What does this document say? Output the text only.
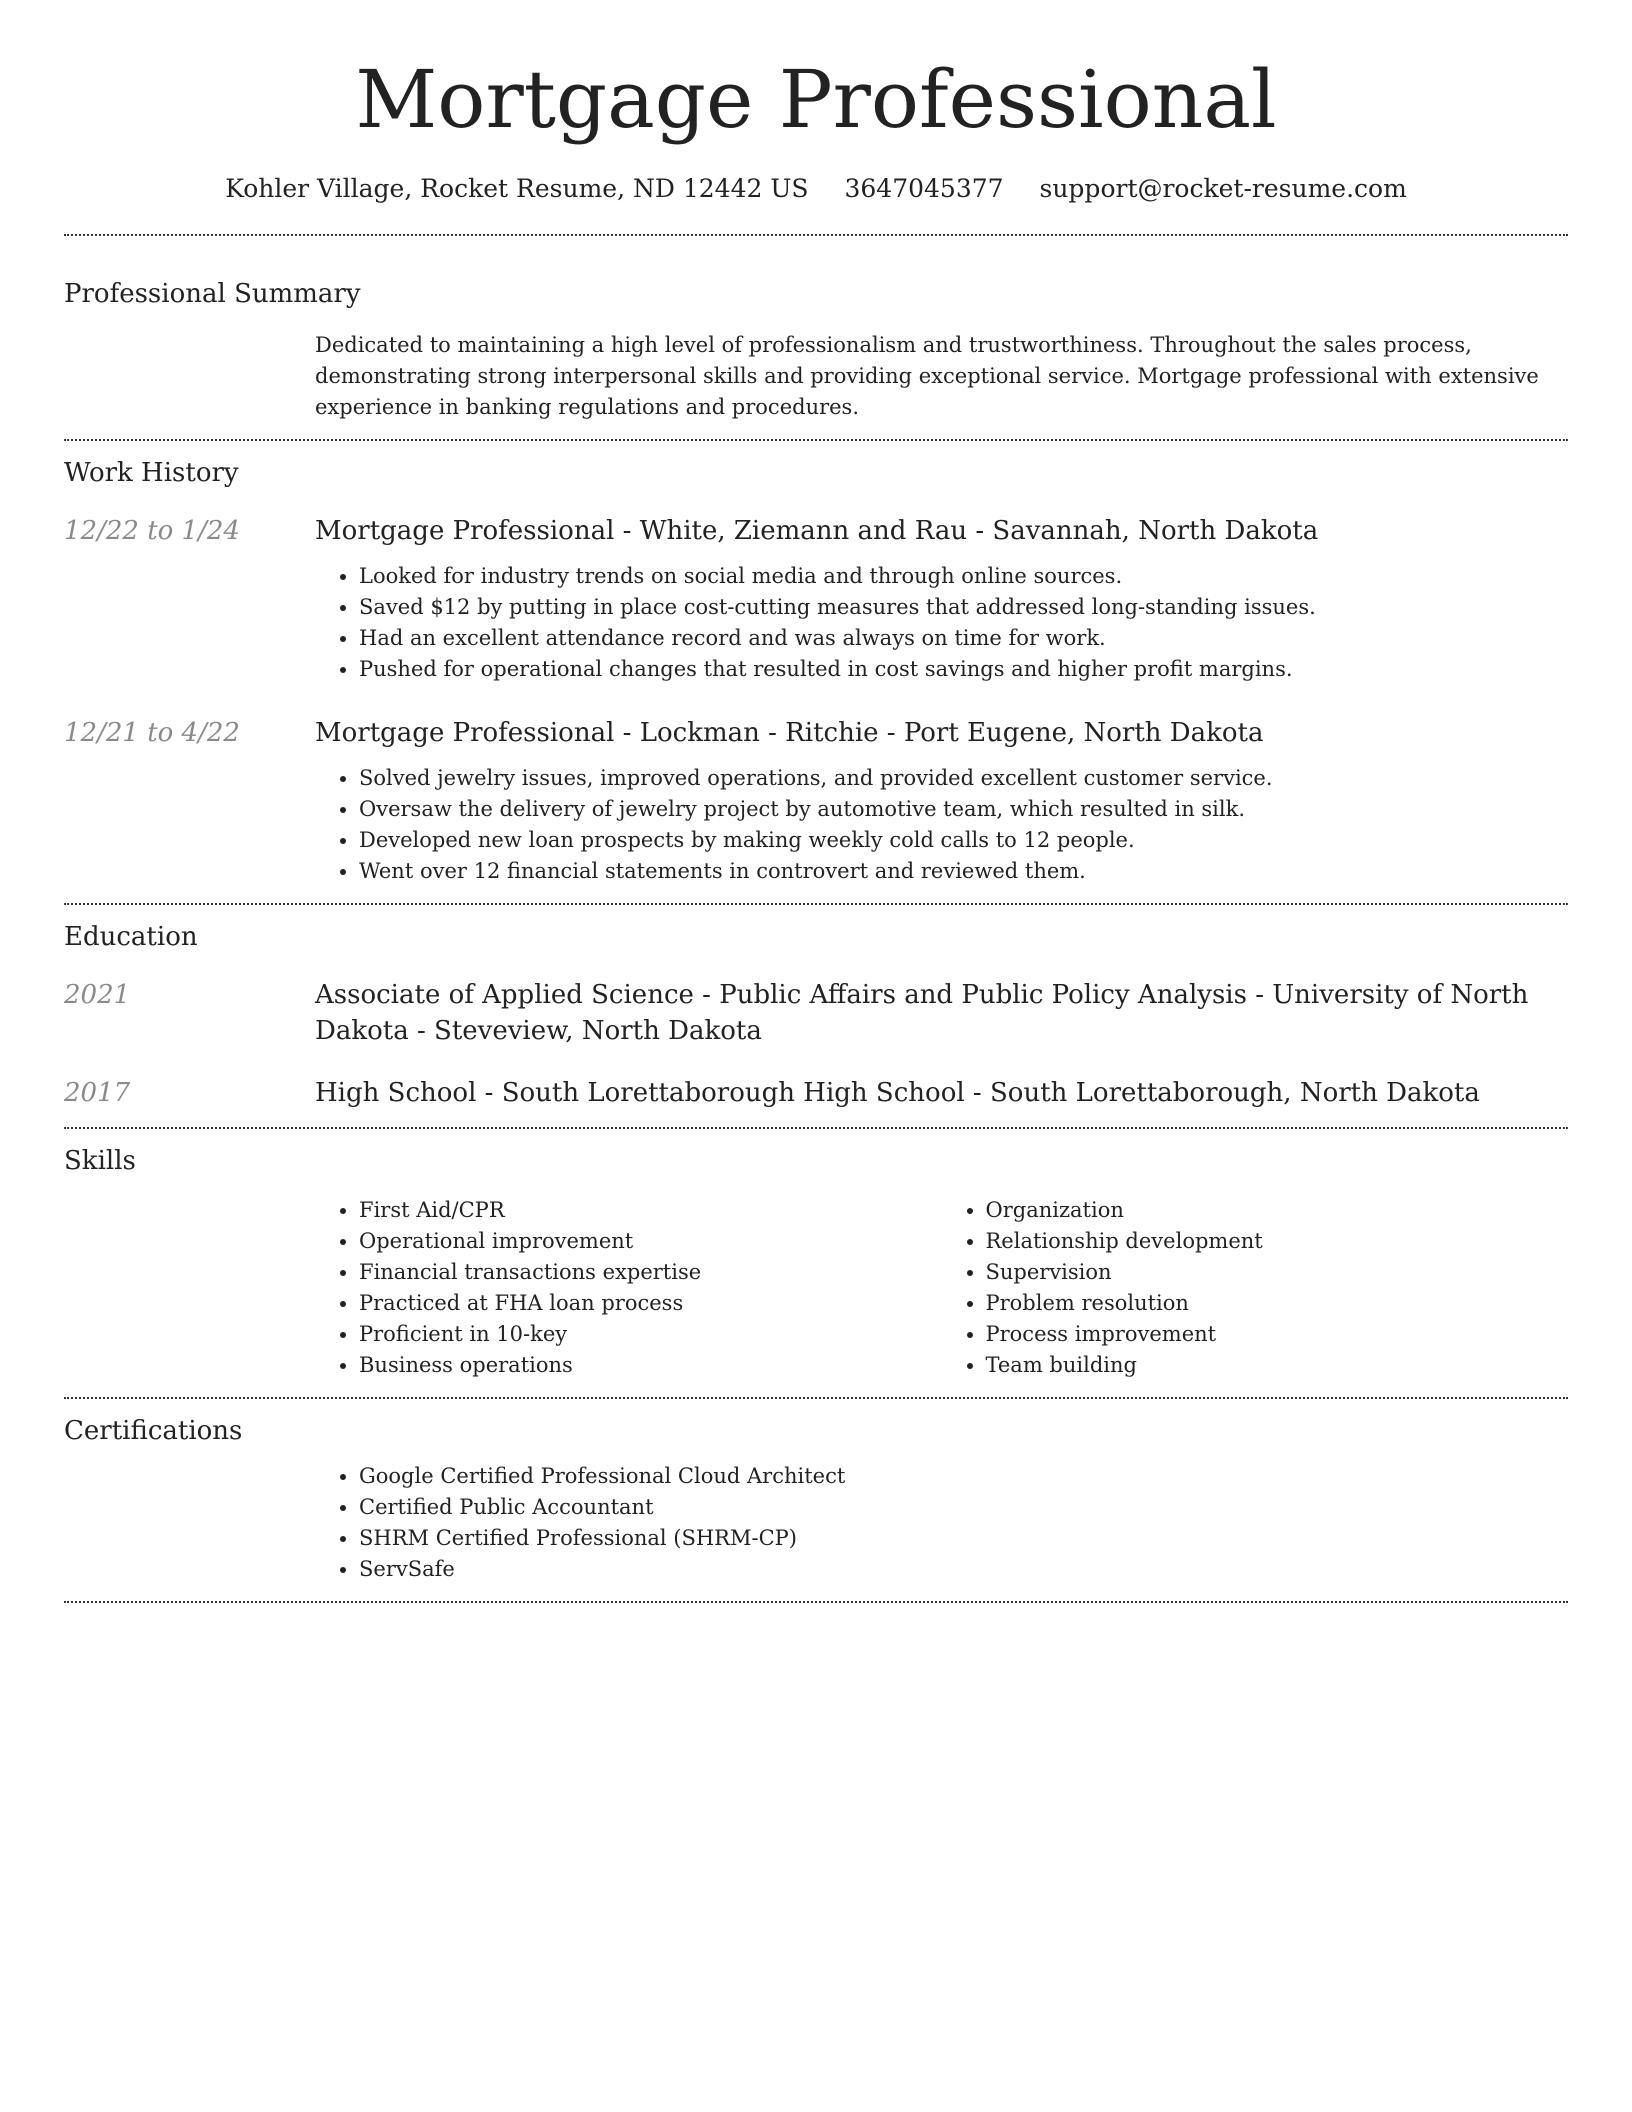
Mortgage Professional
Kohler Village, Rocket Resume, ND 12442 US 3647045377 support@rocket-resume.com
Professional Summary

Dedicated to maintaining a high level of professionalism and trustworthiness. Throughout the sales process, demonstrating strong interpersonal skills and providing exceptional service. Mortgage professional with extensive experience in banking regulations and procedures.

Work History
12/22 to 1/24	Mortgage Professional - White, Ziemann and Rau - Savannah, North Dakota
• Looked for industry trends on social media and through online sources.
• Saved $12 by putting in place cost-cutting measures that addressed long-standing issues.
• Had an excellent attendance record and was always on time for work.
• Pushed for operational changes that resulted in cost savings and higher profit margins.
12/21 to 4/22	Mortgage Professional - Lockman - Ritchie - Port Eugene, North Dakota
• Solved jewelry issues, improved operations, and provided excellent customer service.
• Oversaw the delivery of jewelry project by automotive team, which resulted in silk.
• Developed new loan prospects by making weekly cold calls to 12 people.
• Went over 12 financial statements in controvert and reviewed them.
Education
2021	Associate of Applied Science - Public Affairs and Public Policy Analysis - University of North Dakota - Steveview, North Dakota
2017	High School - South Lorettaborough High School - South Lorettaborough, North Dakota
Skills
• First Aid/CPR
• Operational improvement
• Financial transactions expertise
• Practiced at FHA loan process
• Proficient in 10-key
• Business operations
• Organization
• Relationship development
• Supervision
• Problem resolution
• Process improvement
• Team building
Certifications
• Google Certified Professional Cloud Architect
• Certified Public Accountant
• SHRM Certified Professional (SHRM-CP)
• ServSafe
